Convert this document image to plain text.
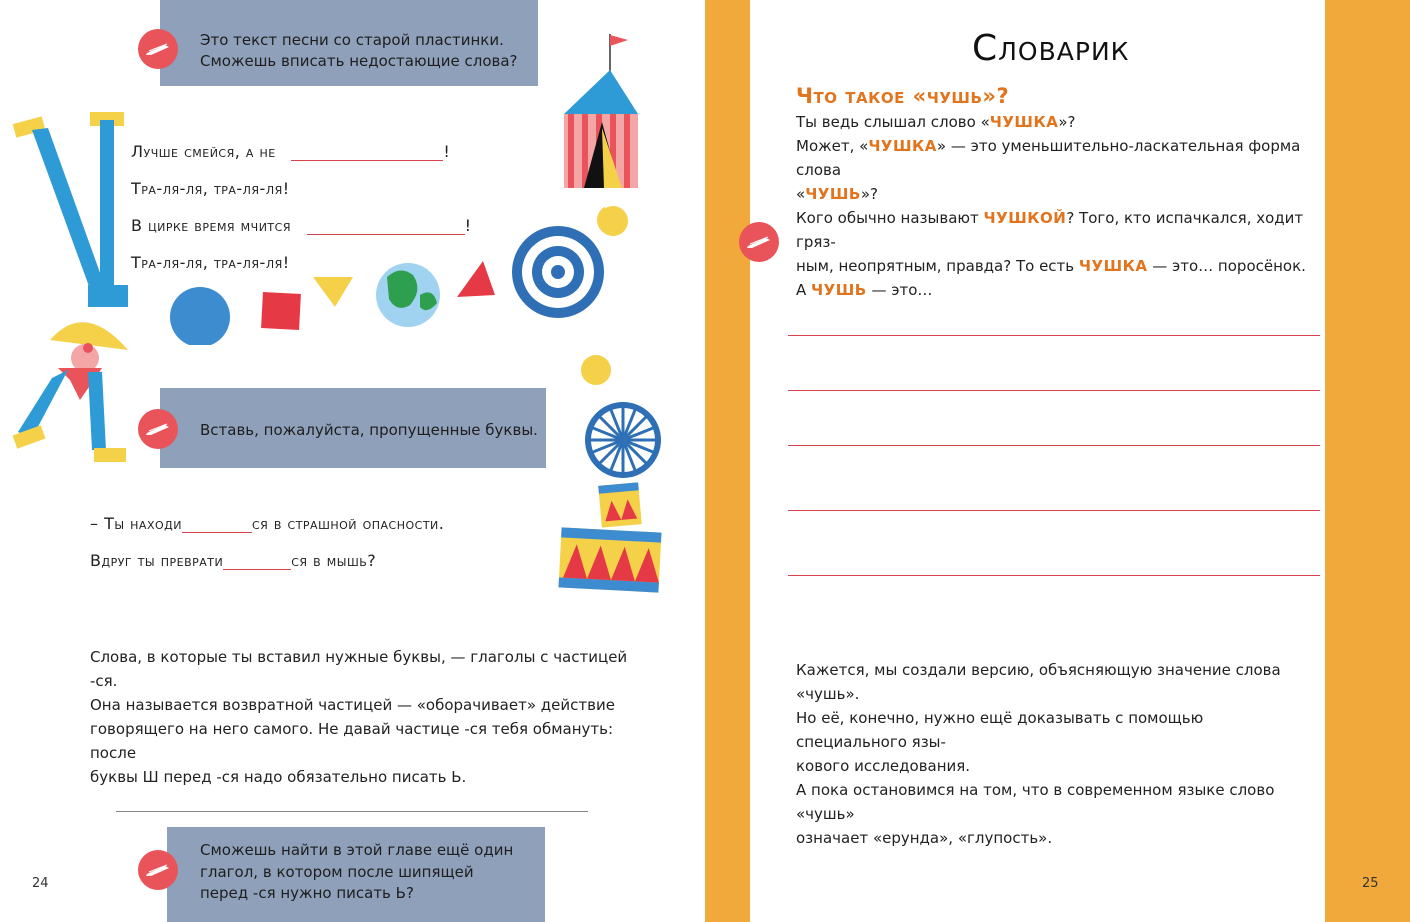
Это текст песни со старой пластинки. Сможешь вписать недостающие слова?
Лучше смейся, а не	!
Тра-ля-ля, тра-ля-ля!
В цирке время мчится	!
Тра-ля-ля, тра-ля-ля!
Вставь, пожалуйста, пропущенные буквы.
– Ты находи	ся в страшной опасности.
Вдруг ты преврати	ся в мышь?
Слова, в которые ты вставил нужные буквы, — глаголы с частицей -ся.
Она называется возвратной частицей — «оборачивает» действие
говорящего на него самого. Не давай частице -ся тебя обмануть: после
буквы Ш перед -ся надо обязательно писать Ь.
Сможешь найти в этой главе ещё один глагол, в котором после шипящей перед -ся нужно писать Ь?
24
Словарик
Что такое «чушь»?
Ты ведь слышал слово «ЧУШКА»?
Может, «ЧУШКА» — это уменьшительно-ласкательная форма слова
«ЧУШЬ»?
Кого обычно называют ЧУШКОЙ? Того, кто испачкался, ходит гряз-
ным, неопрятным, правда? То есть ЧУШКА — это… поросёнок.
А ЧУШЬ — это…
Кажется, мы создали версию, объясняющую значение слова «чушь».
Но её, конечно, нужно ещё доказывать с помощью специального язы-
кового исследования.
А пока остановимся на том, что в современном языке слово «чушь»
означает «ерунда», «глупость».
25
